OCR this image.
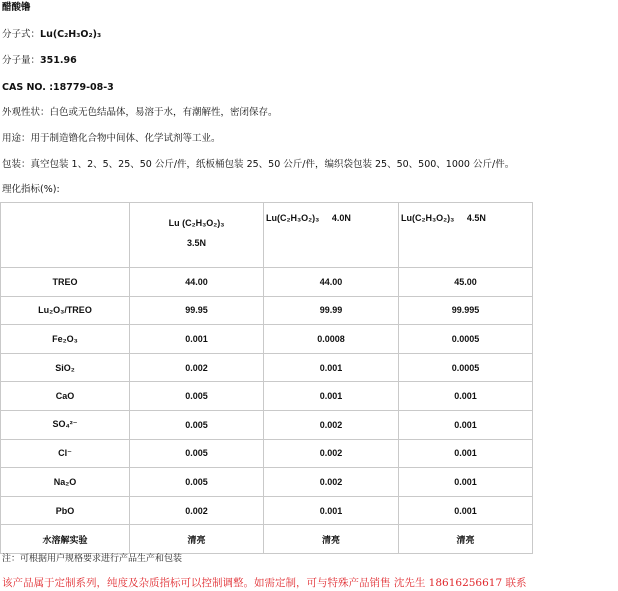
醋酸镥
分子式：Lu(C₂H₃O₂)₃
分子量：351.96
CAS NO. :18779-08-3
外观性状：白色或无色结晶体，易溶于水，有潮解性，密闭保存。
用途：用于制造镥化合物中间体、化学试剂等工业。
包装：真空包装 1、2、5、25、50 公斤/件，纸板桶包装 25、50 公斤/件，编织袋包装 25、50、500、1000 公斤/件。
理化指标(%):

	Lu (C₂H₃O₂)₃
3.5N	Lu(C₂H₃O₂)₃ 4.0N	Lu(C₂H₃O₂)₃ 4.5N
TREO	44.00	44.00	45.00
Lu₂O₃/TREO	99.95	99.99	99.995
Fe₂O₃	0.001	0.0008	0.0005
SiO₂	0.002	0.001	0.0005
CaO	0.005	0.001	0.001
SO₄²⁻	0.005	0.002	0.001
Cl⁻	0.005	0.002	0.001
Na₂O	0.005	0.002	0.001
PbO	0.002	0.001	0.001
水溶解实验	清亮	清亮	清亮
注：可根据用户规格要求进行产品生产和包装
该产品属于定制系列，纯度及杂质指标可以控制调整。如需定制，可与特殊产品销售 沈先生 18616256617 联系
